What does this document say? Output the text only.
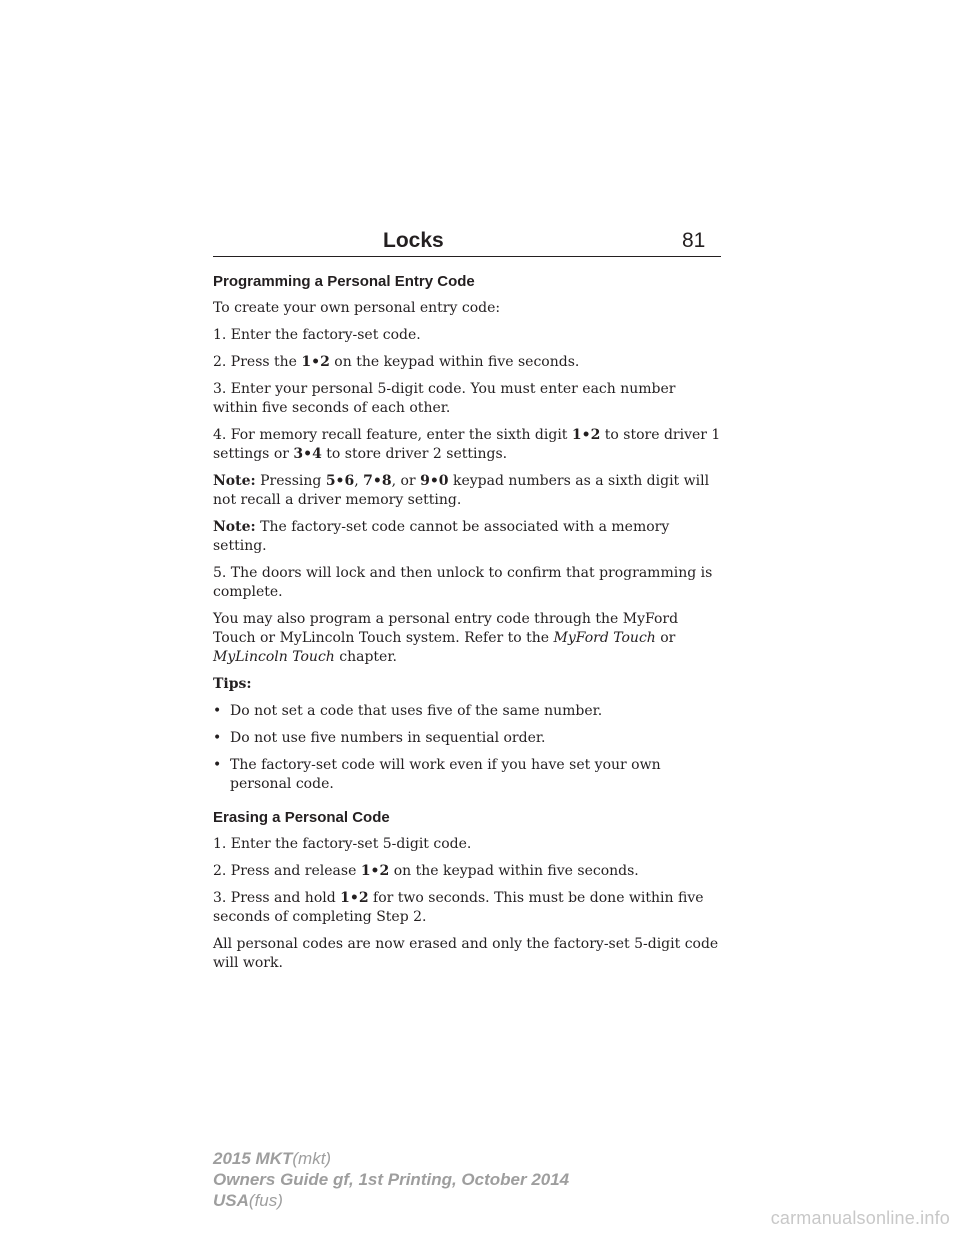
Locks	81
Programming a Personal Entry Code

To create your own personal entry code:

1. Enter the factory-set code.

2. Press the 1•2 on the keypad within five seconds.

3. Enter your personal 5-digit code. You must enter each number within five seconds of each other.

4. For memory recall feature, enter the sixth digit 1•2 to store driver 1 settings or 3•4 to store driver 2 settings.

Note: Pressing 5•6, 7•8, or 9•0 keypad numbers as a sixth digit will not recall a driver memory setting.

Note: The factory-set code cannot be associated with a memory setting.

5. The doors will lock and then unlock to confirm that programming is complete.

You may also program a personal entry code through the MyFord Touch or MyLincoln Touch system. Refer to the MyFord Touch or MyLincoln Touch chapter.

Tips:

• Do not set a code that uses five of the same number.
• Do not use five numbers in sequential order.
• The factory-set code will work even if you have set your own personal code.
Erasing a Personal Code

1. Enter the factory-set 5-digit code.

2. Press and release 1•2 on the keypad within five seconds.

3. Press and hold 1•2 for two seconds. This must be done within five seconds of completing Step 2.

All personal codes are now erased and only the factory-set 5-digit code will work.

2015 MKT(mkt)
Owners Guide gf, 1st Printing, October 2014
USA(fus)
carmanualsonline.info
